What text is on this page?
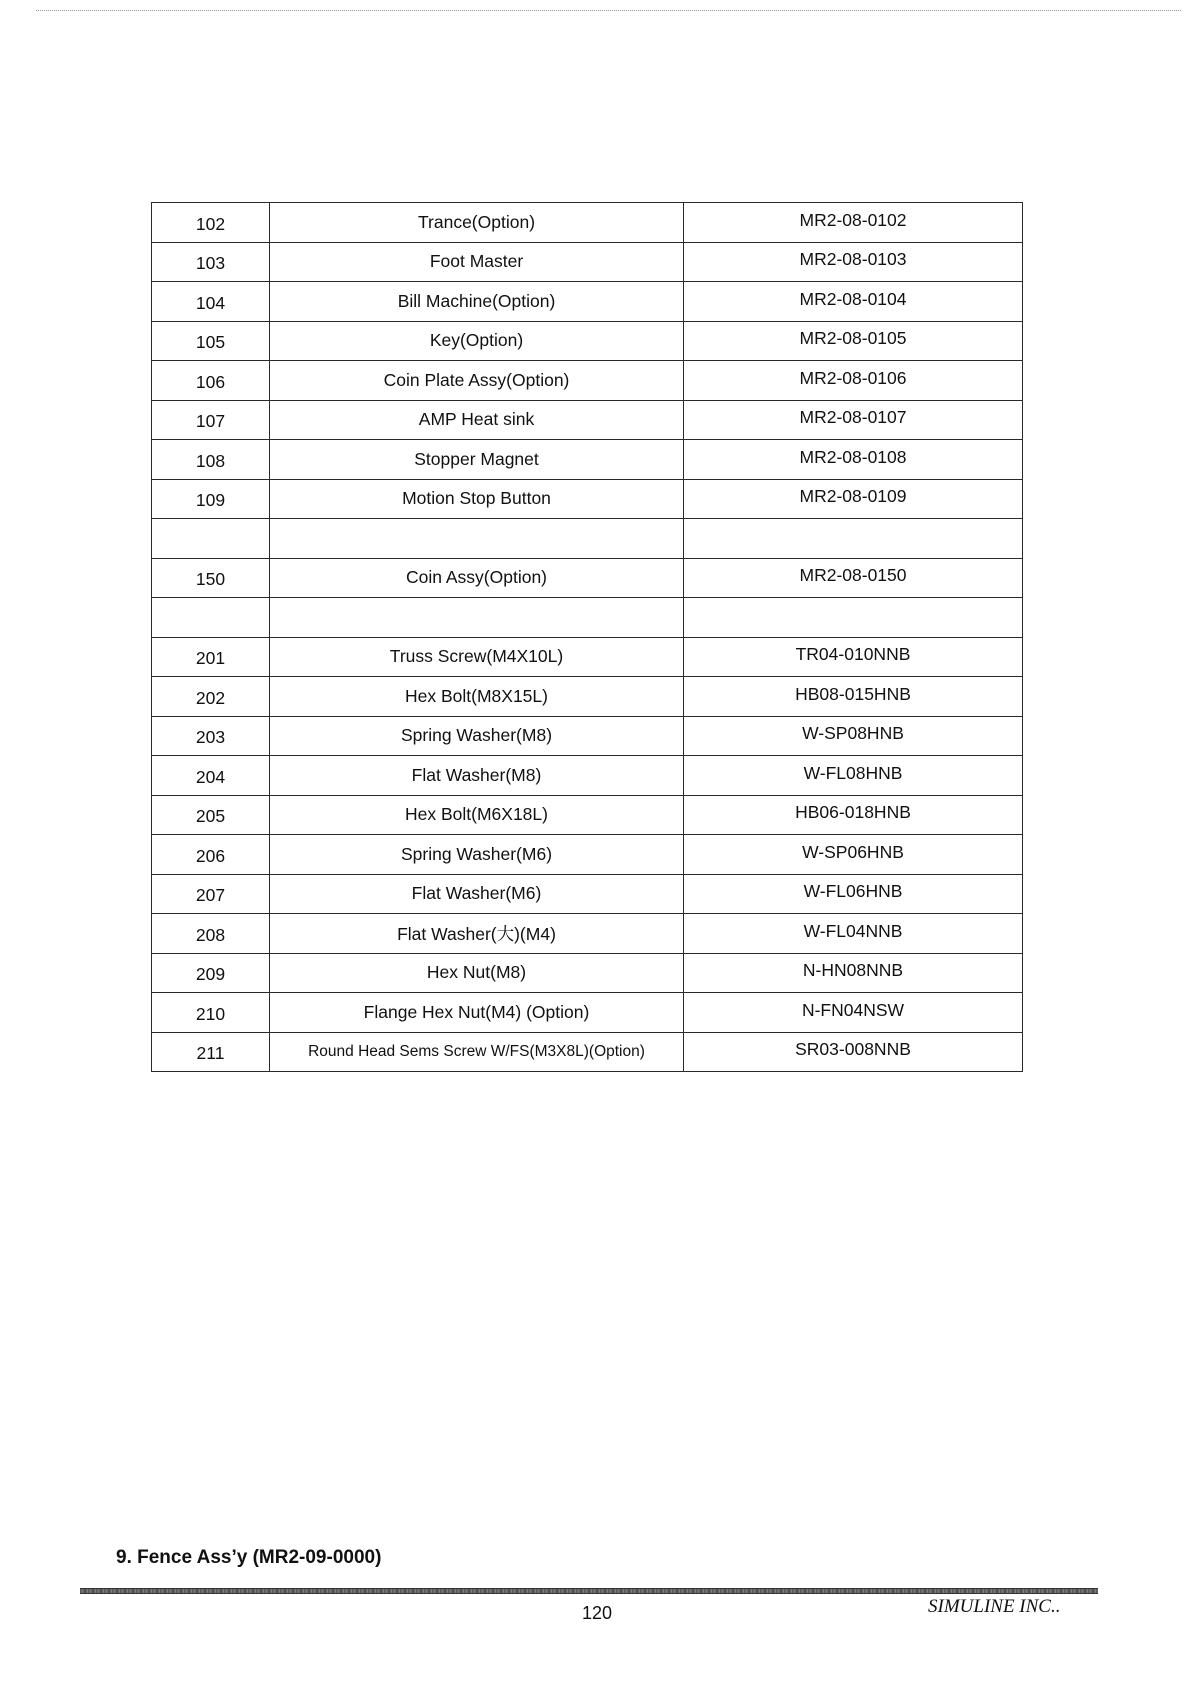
102	Trance(Option)	MR2-08-0102
103	Foot Master	MR2-08-0103
104	Bill Machine(Option)	MR2-08-0104
105	Key(Option)	MR2-08-0105
106	Coin Plate Assy(Option)	MR2-08-0106
107	AMP Heat sink	MR2-08-0107
108	Stopper Magnet	MR2-08-0108
109	Motion Stop Button	MR2-08-0109

150	Coin Assy(Option)	MR2-08-0150

201	Truss Screw(M4X10L)	TR04-010NNB
202	Hex Bolt(M8X15L)	HB08-015HNB
203	Spring Washer(M8)	W-SP08HNB
204	Flat Washer(M8)	W-FL08HNB
205	Hex Bolt(M6X18L)	HB06-018HNB
206	Spring Washer(M6)	W-SP06HNB
207	Flat Washer(M6)	W-FL06HNB
208	Flat Washer(大)(M4)	W-FL04NNB
209	Hex Nut(M8)	N-HN08NNB
210	Flange Hex Nut(M4) (Option)	N-FN04NSW
211	Round Head Sems Screw W/FS(M3X8L)(Option)	SR03-008NNB
9. Fence Ass’y (MR2-09-0000)
120	SIMULINE INC..
